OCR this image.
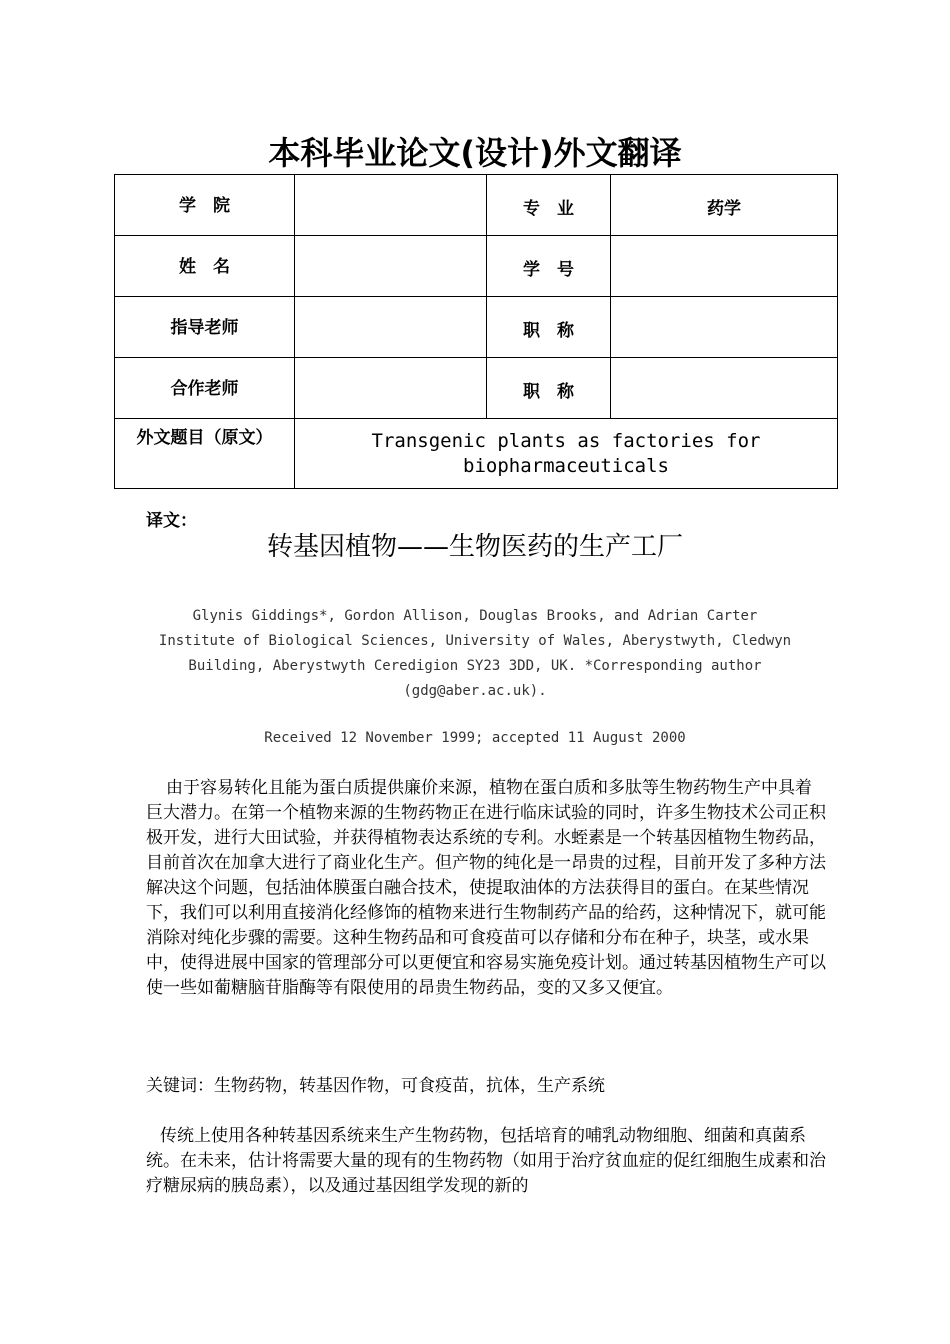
本科毕业论文(设计)外文翻译
学　院		专　业	药学
姓　名		学　号	
指导老师		职　称	
合作老师		职　称	
外文题目（原文）	Transgenic plants as factories for biopharmaceuticals		
译文：
转基因植物——生物医药的生产工厂
Glynis Giddings*, Gordon Allison, Douglas Brooks, and Adrian Carter Institute of Biological Sciences, University of Wales, Aberystwyth, Cledwyn Building, Aberystwyth Ceredigion SY23 3DD, UK. *Corresponding author (gdg@aber.ac.uk).
Received 12 November 1999; accepted 11 August 2000

由于容易转化且能为蛋白质提供廉价来源，植物在蛋白质和多肽等生物药物生产中具着巨大潜力。在第一个植物来源的生物药物正在进行临床试验的同时，许多生物技术公司正积极开发，进行大田试验，并获得植物表达系统的专利。水蛭素是一个转基因植物生物药品，目前首次在加拿大进行了商业化生产。但产物的纯化是一昂贵的过程，目前开发了多种方法解决这个问题，包括油体膜蛋白融合技术，使提取油体的方法获得目的蛋白。在某些情况下，我们可以利用直接消化经修饰的植物来进行生物制药产品的给药，这种情况下，就可能消除对纯化步骤的需要。这种生物药品和可食疫苗可以存储和分布在种子，块茎，或水果中，使得进展中国家的管理部分可以更便宜和容易实施免疫计划。通过转基因植物生产可以使一些如葡糖脑苷脂酶等有限使用的昂贵生物药品，变的又多又便宜。

关键词：生物药物，转基因作物，可食疫苗，抗体，生产系统

传统上使用各种转基因系统来生产生物药物，包括培育的哺乳动物细胞、细菌和真菌系统。在未来，估计将需要大量的现有的生物药物（如用于治疗贫血症的促红细胞生成素和治疗糖尿病的胰岛素），以及通过基因组学发现的新的
